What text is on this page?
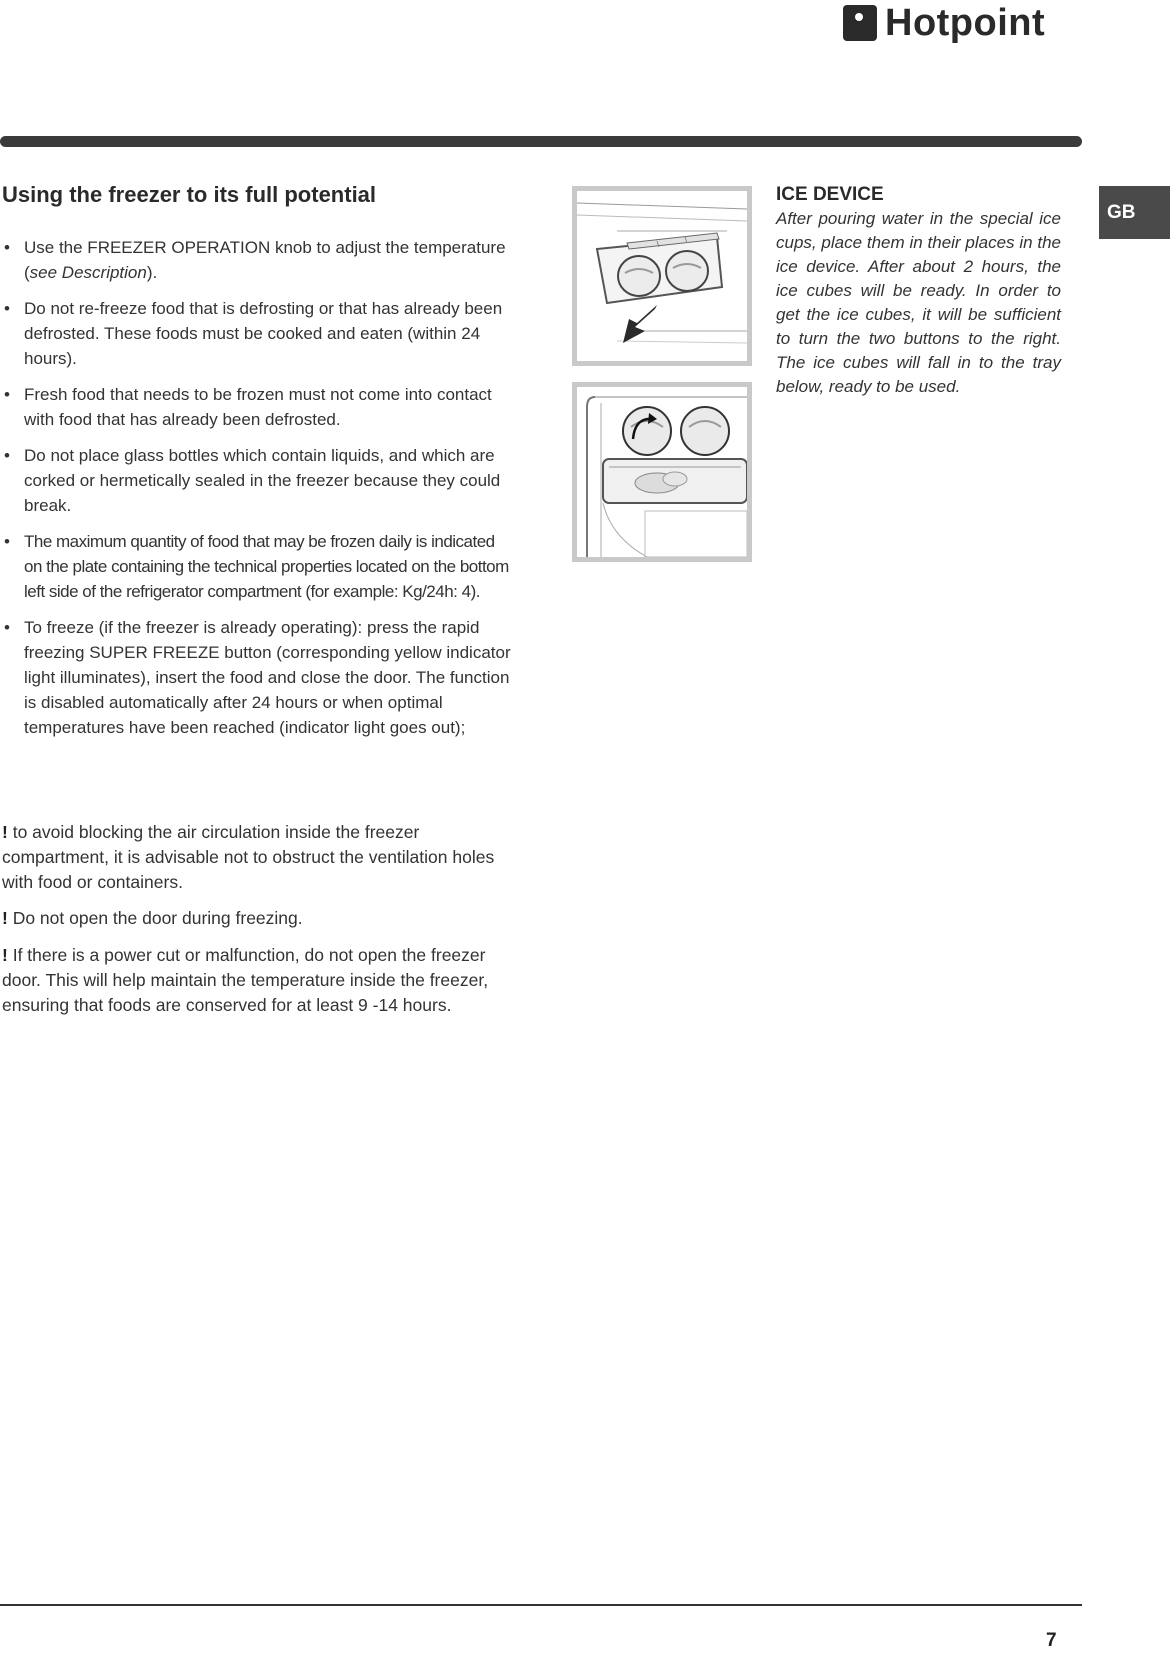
Hotpoint
GB
Using the freezer to its full potential
• Use the FREEZER OPERATION knob to adjust the temperature (see Description).
• Do not re-freeze food that is defrosting or that has already been defrosted. These foods must be cooked and eaten (within 24 hours).
• Fresh food that needs to be frozen must not come into contact with food that has already been defrosted.
• Do not place glass bottles which contain liquids, and which are corked or hermetically sealed in the freezer because they could break.
• The maximum quantity of food that may be frozen daily is indicated on the plate containing the technical properties located on the bottom left side of the refrigerator compartment (for example: Kg/24h: 4).
• To freeze (if the freezer is already operating): press the rapid freezing SUPER FREEZE button (corresponding yellow indicator light illuminates), insert the food and close the door. The function is disabled automatically after 24 hours or when optimal temperatures have been reached (indicator light goes out);

! to avoid blocking the air circulation inside the freezer compartment, it is advisable not to obstruct the ventilation holes with food or containers.

! Do not open the door during freezing.

! If there is a power cut or malfunction, do not open the freezer door. This will help maintain the temperature inside the freezer, ensuring that foods are conserved for at least 9 -14 hours.

ICE DEVICE

After pouring water in the special ice cups, place them in their places in the ice device. After about 2 hours, the ice cubes will be ready. In order to get the ice cubes, it will be sufficient to turn the two buttons to the right. The ice cubes will fall in to the tray below, ready to be used.

7
